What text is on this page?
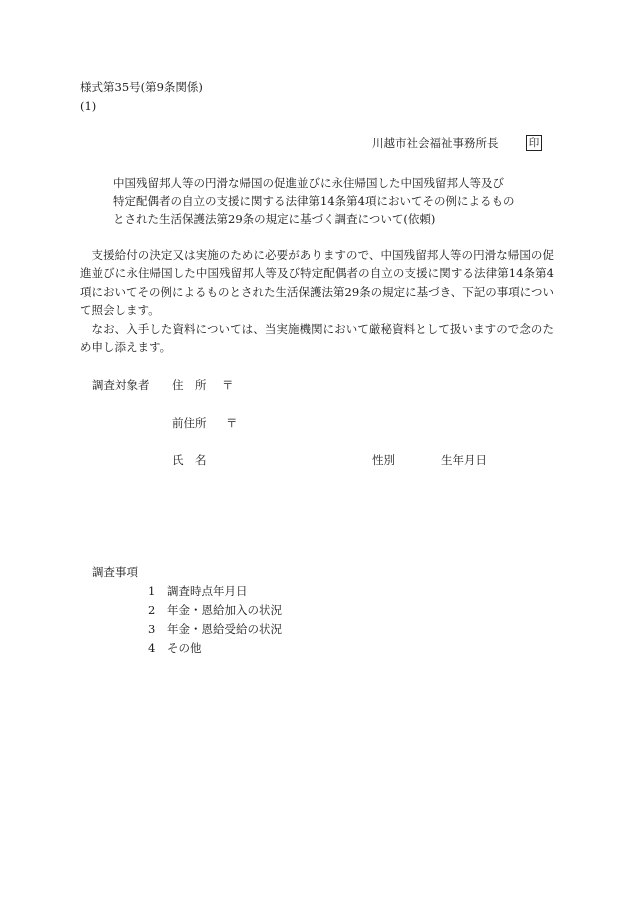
様式第35号(第9条関係)
(1)
川越市社会福祉事務所長	印
中国残留邦人等の円滑な帰国の促進並びに永住帰国した中国残留邦人等及び
特定配偶者の自立の支援に関する法律第14条第4項においてその例によるもの
とされた生活保護法第29条の規定に基づく調査について(依頼)

支援給付の決定又は実施のために必要がありますので、中国残留邦人等の円滑な帰国の促進並びに永住帰国した中国残留邦人等及び特定配偶者の自立の支援に関する法律第14条第4項においてその例によるものとされた生活保護法第29条の規定に基づき、下記の事項について照会します。

なお、入手した資料については、当実施機関において厳秘資料として扱いますので念のため申し添えます。

調査対象者 住　所 〒
前住所 〒
氏　名	性別	生年月日
調査事項
1 調査時点年月日
2 年金・恩給加入の状況
3 年金・恩給受給の状況
4 その他
